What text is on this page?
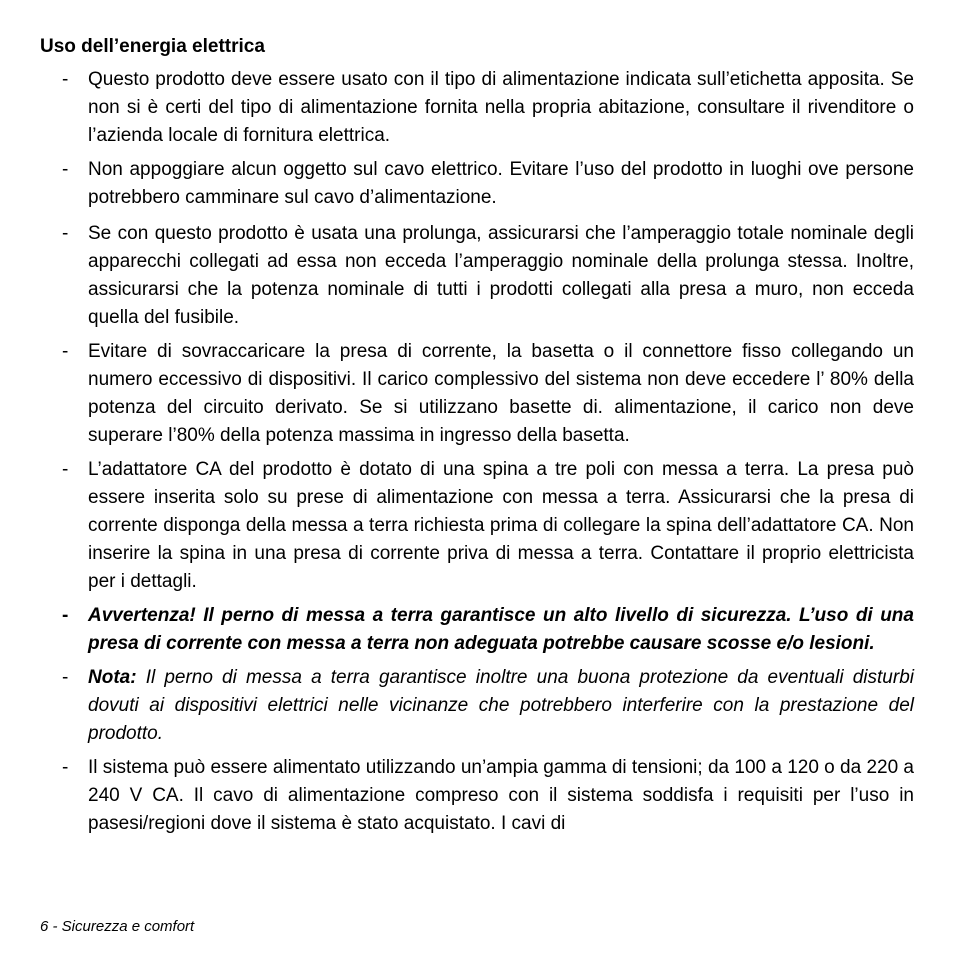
Uso dell’energia elettrica
- Questo prodotto deve essere usato con il tipo di alimentazione indicata sull’etichetta apposita. Se non si è certi del tipo di alimentazione fornita nella propria abitazione, consultare il rivenditore o l’azienda locale di fornitura elettrica.
- Non appoggiare alcun oggetto sul cavo elettrico. Evitare l’uso del prodotto in luoghi ove persone potrebbero camminare sul cavo d’alimentazione.
- Se con questo prodotto è usata una prolunga, assicurarsi che l’amperaggio totale nominale degli apparecchi collegati ad essa non ecceda l’amperaggio nominale della prolunga stessa. Inoltre, assicurarsi che la potenza nominale di tutti i prodotti collegati alla presa a muro, non ecceda quella del fusibile.
- Evitare di sovraccaricare la presa di corrente, la basetta o il connettore fisso collegando un numero eccessivo di dispositivi. Il carico complessivo del sistema non deve eccedere l’ 80% della potenza del circuito derivato. Se si utilizzano basette di. alimentazione, il carico non deve superare l’80% della potenza massima in ingresso della basetta.
- L’adattatore CA del prodotto è dotato di una spina a tre poli con messa a terra. La presa può essere inserita solo su prese di alimentazione con messa a terra. Assicurarsi che la presa di corrente disponga della messa a terra richiesta prima di collegare la spina dell’adattatore CA. Non inserire la spina in una presa di corrente priva di messa a terra. Contattare il proprio elettricista per i dettagli.
- Avvertenza! Il perno di messa a terra garantisce un alto livello di sicurezza. L’uso di una presa di corrente con messa a terra non adeguata potrebbe causare scosse e/o lesioni.
- Nota: Il perno di messa a terra garantisce inoltre una buona protezione da eventuali disturbi dovuti ai dispositivi elettrici nelle vicinanze che potrebbero interferire con la prestazione del prodotto.
- Il sistema può essere alimentato utilizzando un’ampia gamma di tensioni; da 100 a 120 o da 220 a 240 V CA. Il cavo di alimentazione compreso con il sistema soddisfa i requisiti per l’uso in pasesi/regioni dove il sistema è stato acquistato. I cavi di
6 - Sicurezza e comfort
